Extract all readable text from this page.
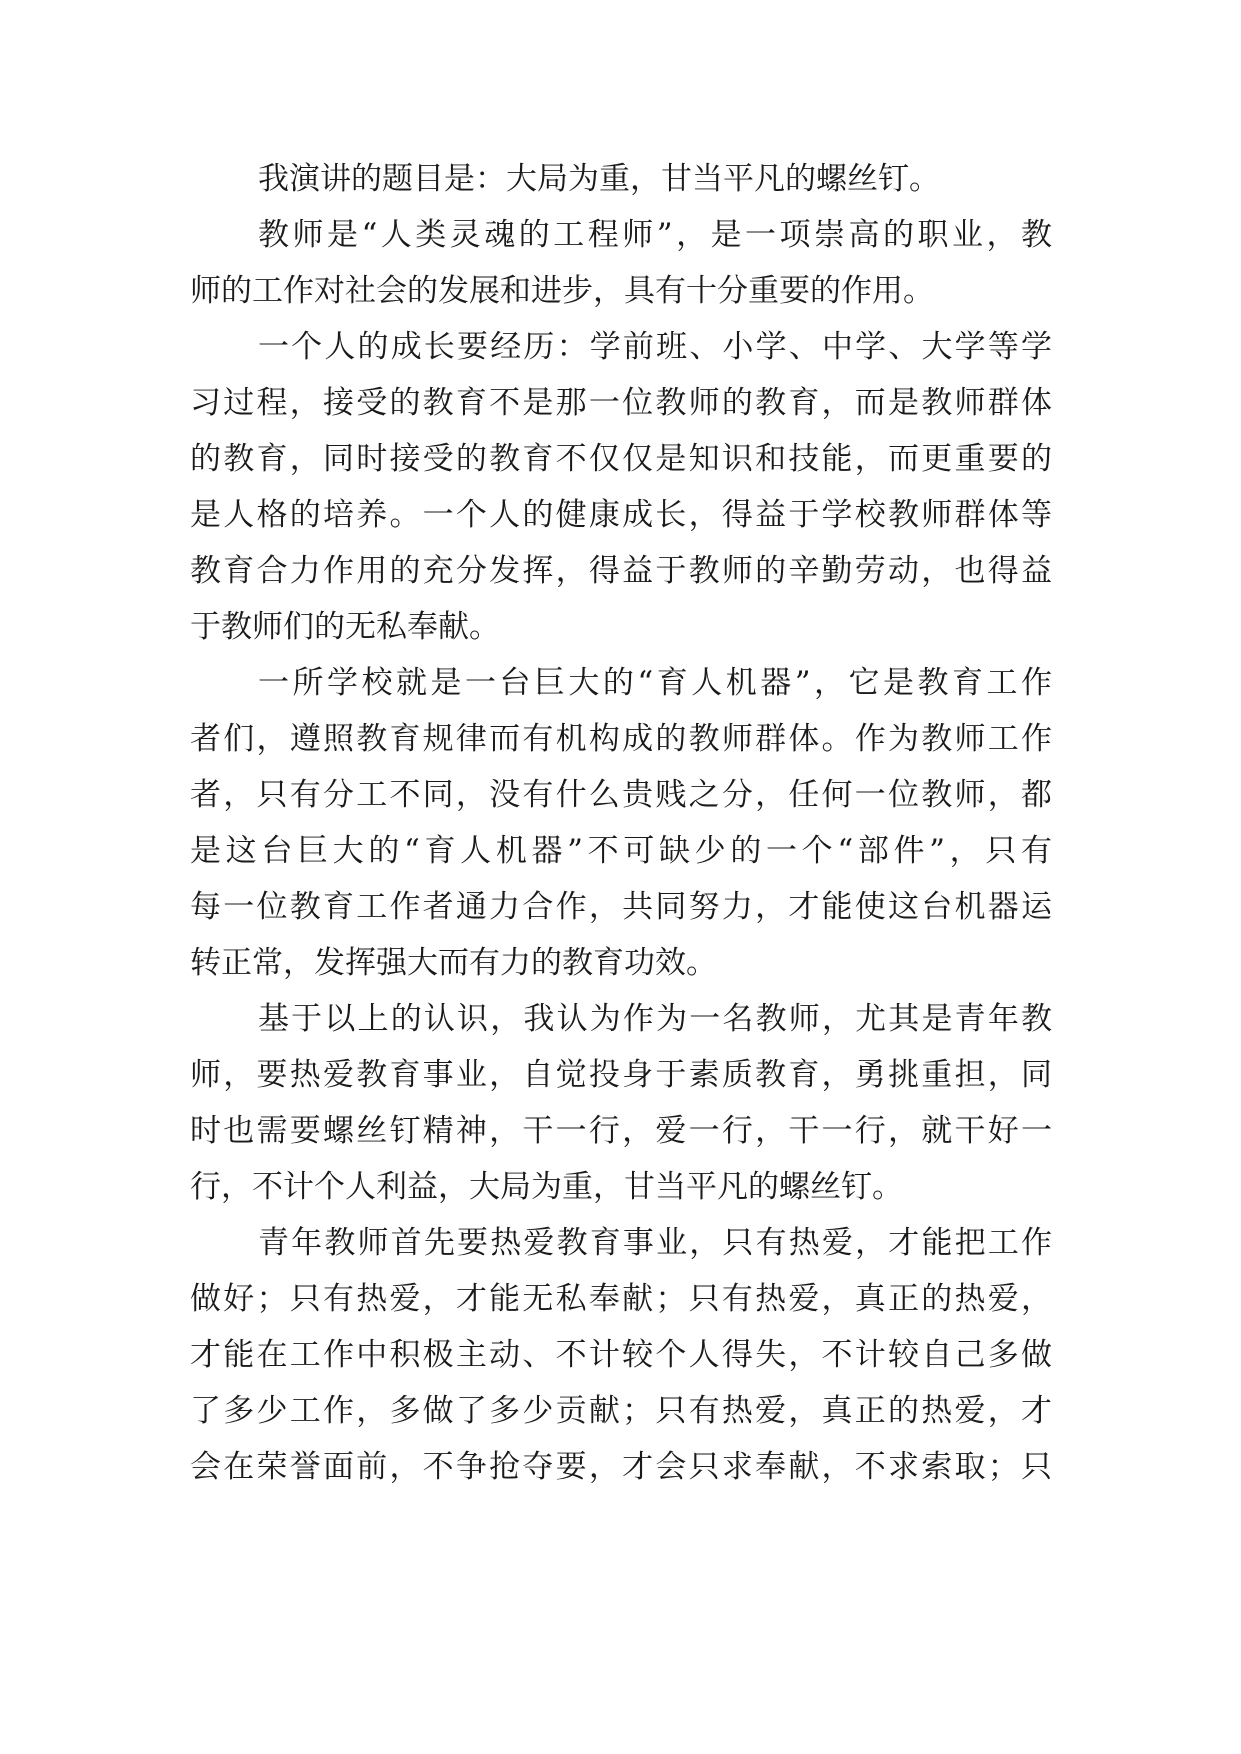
我演讲的题目是：大局为重，甘当平凡的螺丝钉。
教师是“人类灵魂的工程师”，是一项崇高的职业，教
师的工作对社会的发展和进步，具有十分重要的作用。
一个人的成长要经历：学前班、小学、中学、大学等学
习过程，接受的教育不是那一位教师的教育，而是教师群体
的教育，同时接受的教育不仅仅是知识和技能，而更重要的
是人格的培养。一个人的健康成长，得益于学校教师群体等
教育合力作用的充分发挥，得益于教师的辛勤劳动，也得益
于教师们的无私奉献。
一所学校就是一台巨大的“育人机器”，它是教育工作
者们，遵照教育规律而有机构成的教师群体。作为教师工作
者，只有分工不同，没有什么贵贱之分，任何一位教师，都
是这台巨大的“育人机器”不可缺少的一个“部件”，只有
每一位教育工作者通力合作，共同努力，才能使这台机器运
转正常，发挥强大而有力的教育功效。
基于以上的认识，我认为作为一名教师，尤其是青年教
师，要热爱教育事业，自觉投身于素质教育，勇挑重担，同
时也需要螺丝钉精神，干一行，爱一行，干一行，就干好一
行，不计个人利益，大局为重，甘当平凡的螺丝钉。
青年教师首先要热爱教育事业，只有热爱，才能把工作
做好；只有热爱，才能无私奉献；只有热爱，真正的热爱，
才能在工作中积极主动、不计较个人得失，不计较自己多做
了多少工作，多做了多少贡献；只有热爱，真正的热爱，才
会在荣誉面前，不争抢夺要，才会只求奉献，不求索取；只
